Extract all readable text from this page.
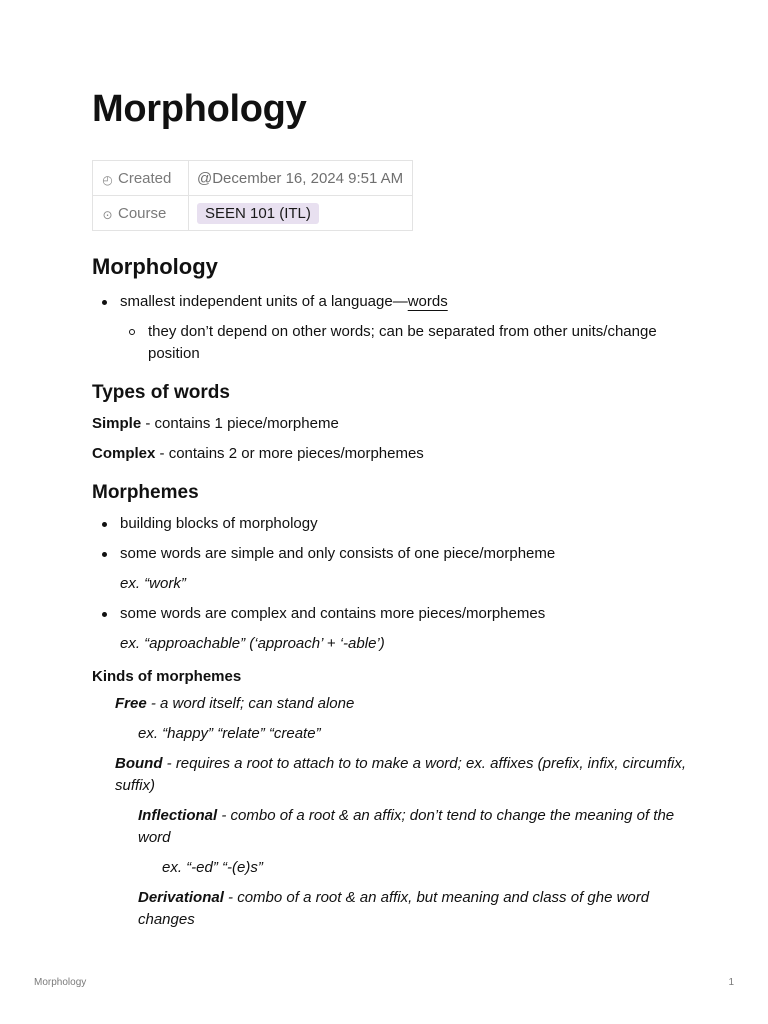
Morphology
◴ Created	@December 16, 2024 9:51 AM
⊙ Course	SEEN 101 (ITL)
Morphology
smallest independent units of a language—words
they don’t depend on other words; can be separated from other units/change position
Types of words

Simple - contains 1 piece/morpheme

Complex - contains 2 or more pieces/morphemes

Morphemes
building blocks of morphology
some words are simple and only consists of one piece/morpheme

ex. “work”

some words are complex and contains more pieces/morphemes

ex. “approachable” (‘approach’ + ‘-able’)

Kinds of morphemes

Free - a word itself; can stand alone

ex. “happy” “relate” “create”

Bound - requires a root to attach to to make a word; ex. affixes (prefix, infix, circumfix, suffix)

Inflectional - combo of a root & an affix; don’t tend to change the meaning of the word

ex. “-ed” “-(e)s”

Derivational - combo of a root & an affix, but meaning and class of ghe word changes

Morphology	1
